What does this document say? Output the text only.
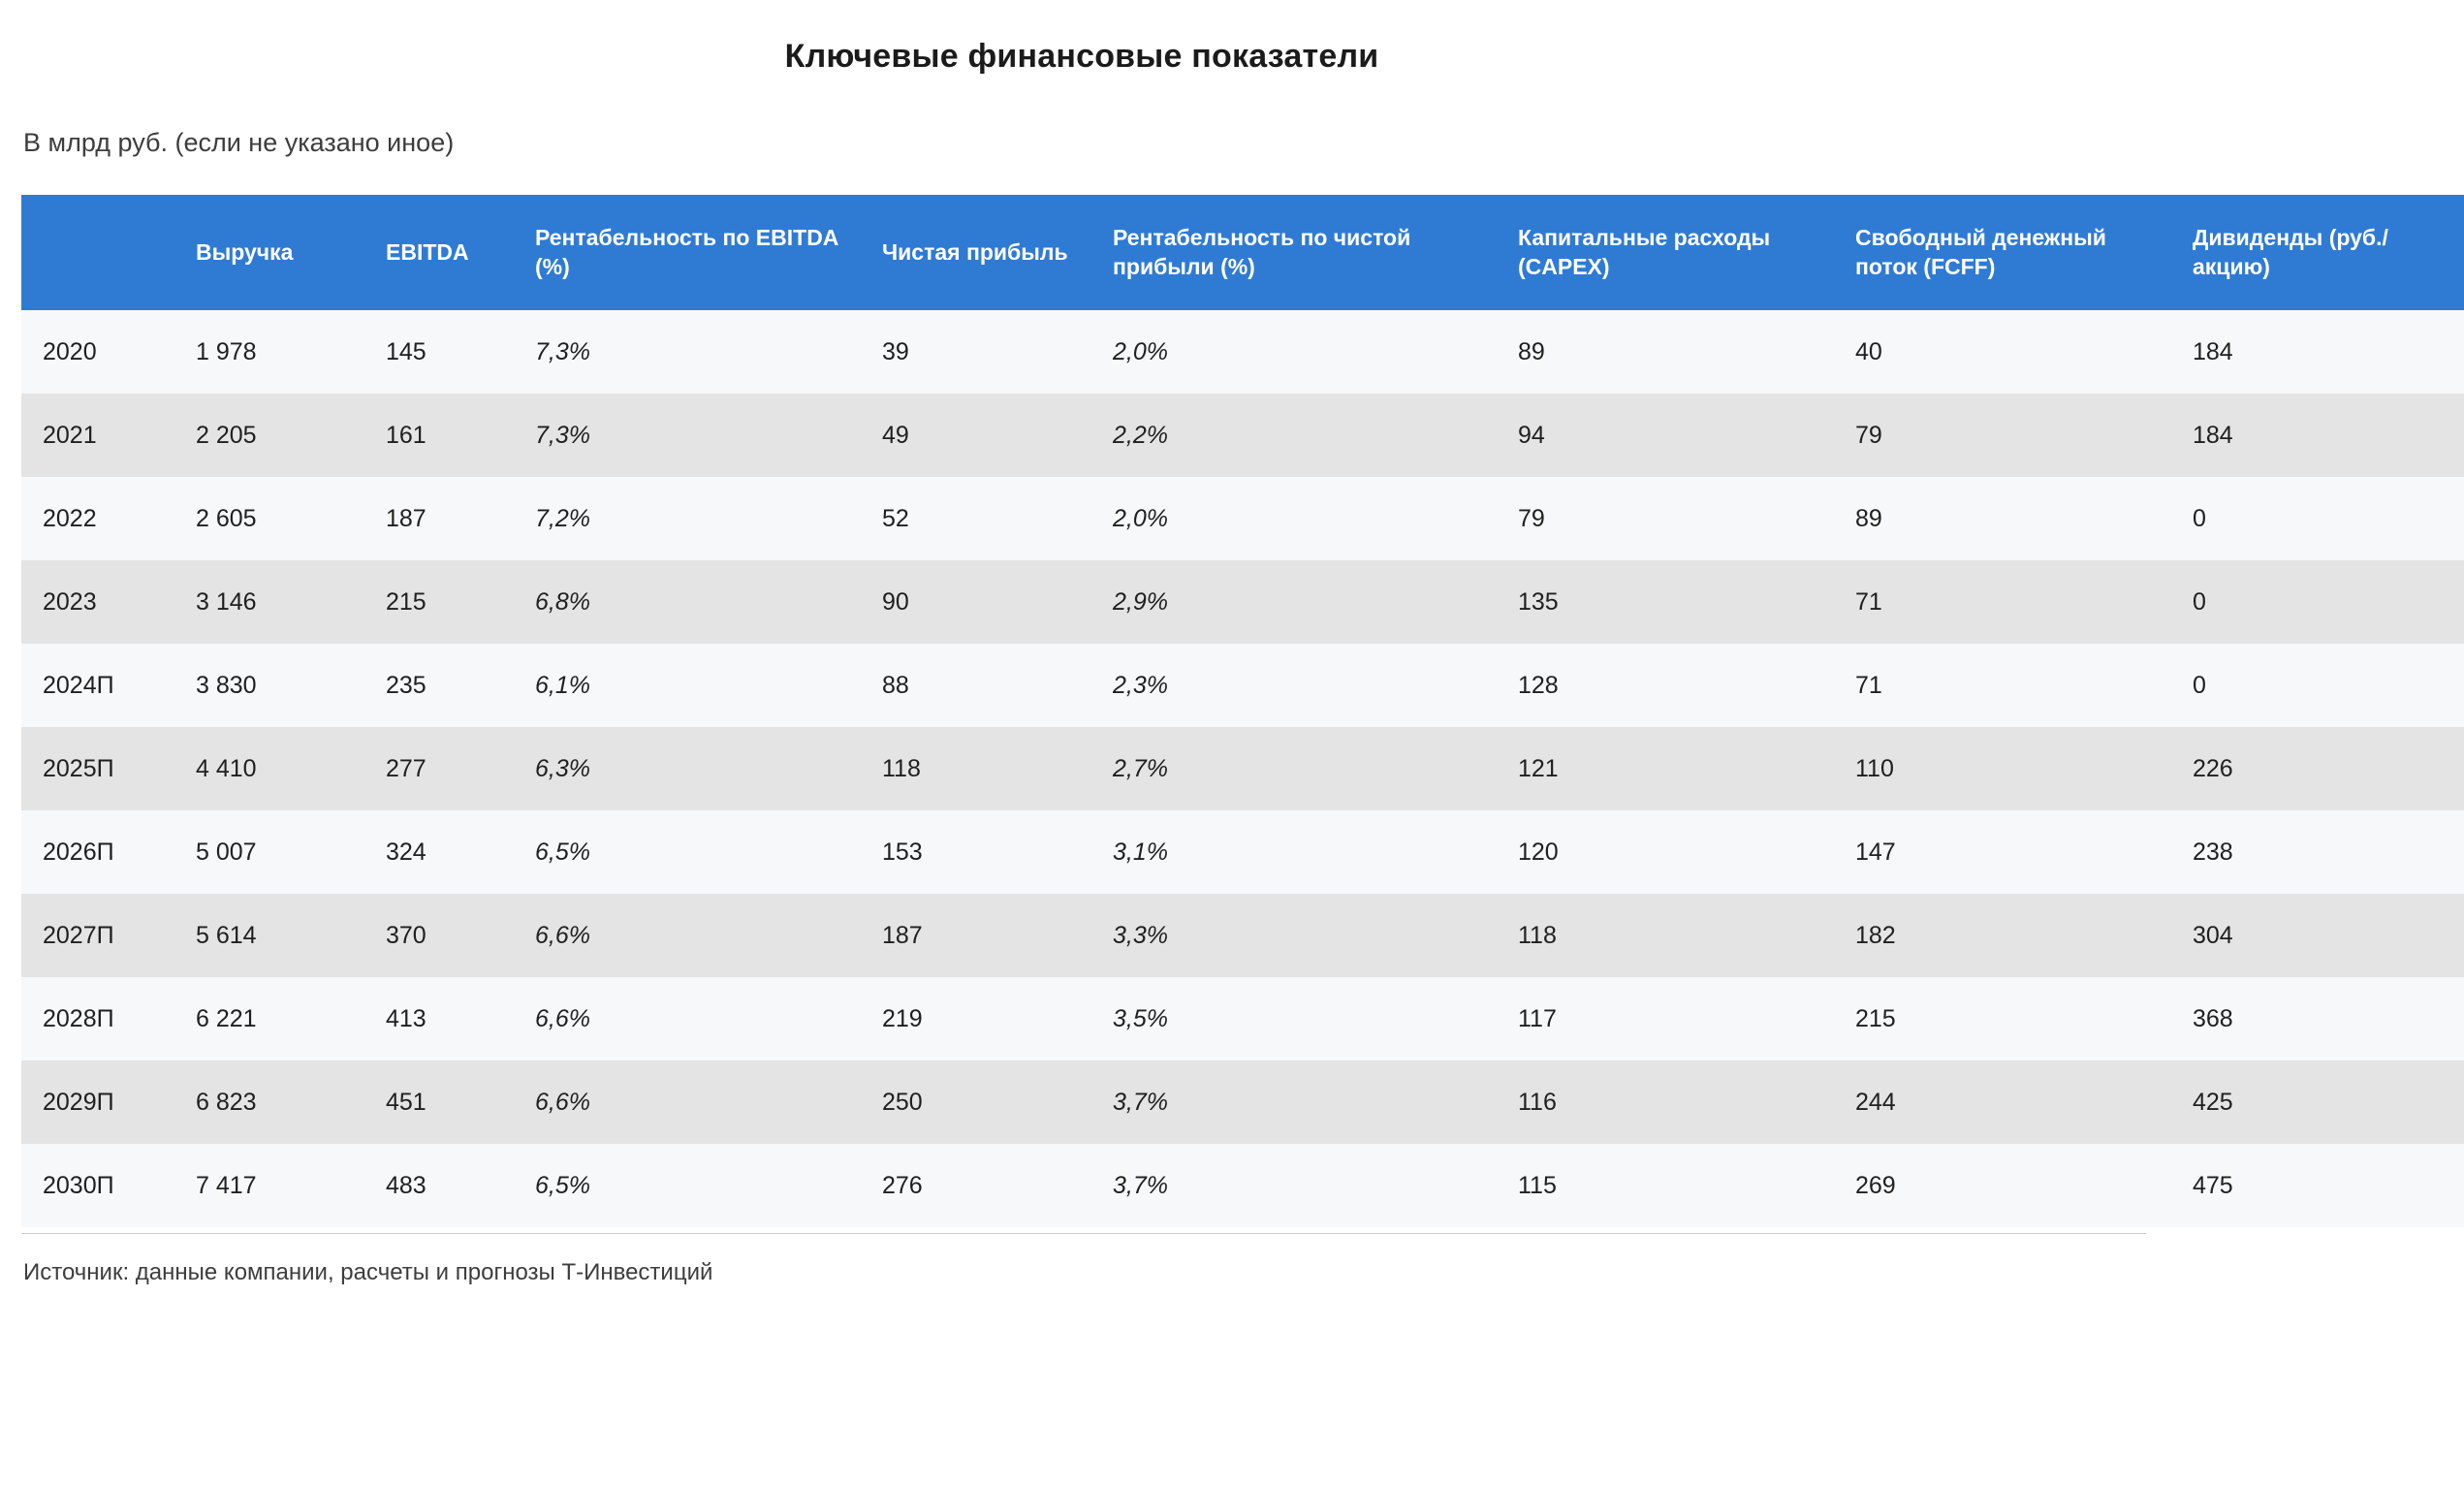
Ключевые финансовые показатели
В млрд руб. (если не указано иное)
	Выручка	EBITDA	Рентабельность по EBITDA (%)	Чистая прибыль	Рентабельность по чистой прибыли (%)	Капитальные расходы (CAPEX)	Свободный денежный поток (FCFF)	Дивиденды (руб./акцию)
2020	1 978	145	7,3%	39	2,0%	89	40	184
2021	2 205	161	7,3%	49	2,2%	94	79	184
2022	2 605	187	7,2%	52	2,0%	79	89	0
2023	3 146	215	6,8%	90	2,9%	135	71	0
2024П	3 830	235	6,1%	88	2,3%	128	71	0
2025П	4 410	277	6,3%	118	2,7%	121	110	226
2026П	5 007	324	6,5%	153	3,1%	120	147	238
2027П	5 614	370	6,6%	187	3,3%	118	182	304
2028П	6 221	413	6,6%	219	3,5%	117	215	368
2029П	6 823	451	6,6%	250	3,7%	116	244	425
2030П	7 417	483	6,5%	276	3,7%	115	269	475
Источник: данные компании, расчеты и прогнозы Т-Инвестиций
